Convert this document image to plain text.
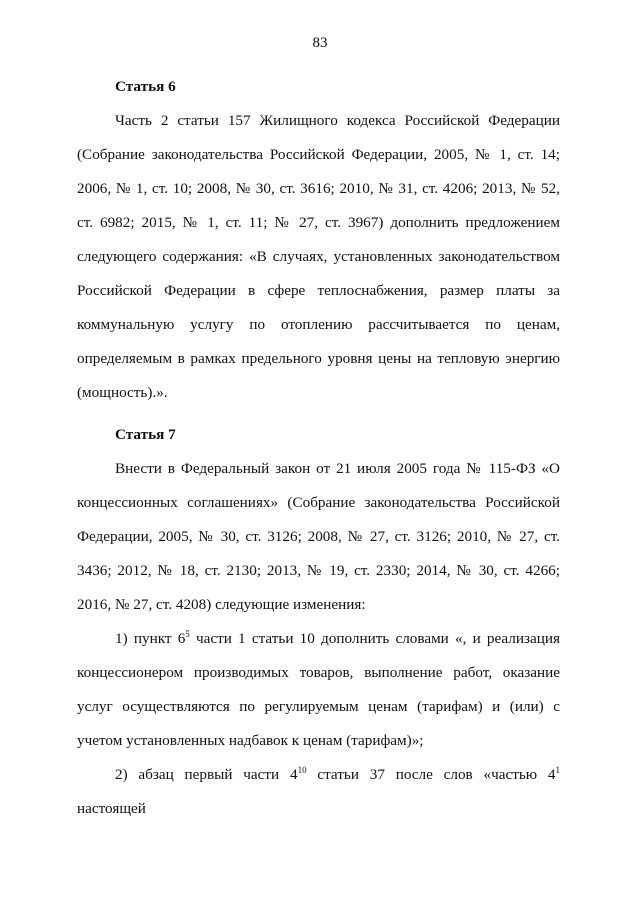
83

Статья 6

Часть 2 статьи 157 Жилищного кодекса Российской Федерации (Собрание законодательства Российской Федерации, 2005, № 1, ст. 14; 2006, № 1, ст. 10; 2008, № 30, ст. 3616; 2010, № 31, ст. 4206; 2013, № 52, ст. 6982; 2015, № 1, ст. 11; № 27, ст. 3967) дополнить предложением следующего содержания: «В случаях, установленных законодательством Российской Федерации в сфере теплоснабжения, размер платы за коммунальную услугу по отоплению рассчитывается по ценам, определяемым в рамках предельного уровня цены на тепловую энергию (мощность).».

Статья 7

Внести в Федеральный закон от 21 июля 2005 года № 115-ФЗ «О концессионных соглашениях» (Собрание законодательства Российской Федерации, 2005, № 30, ст. 3126; 2008, № 27, ст. 3126; 2010, № 27, ст. 3436; 2012, № 18, ст. 2130; 2013, № 19, ст. 2330; 2014, № 30, ст. 4266; 2016, № 27, ст. 4208) следующие изменения:

1) пункт $6^5$ части 1 статьи 10 дополнить словами «, и реализация концессионером производимых товаров, выполнение работ, оказание услуг осуществляются по регулируемым ценам (тарифам) и (или) с учетом установленных надбавок к ценам (тарифам)»;

2) абзац первый части $4^{10}$ статьи 37 после слов «частью $4^1$ настоящей
